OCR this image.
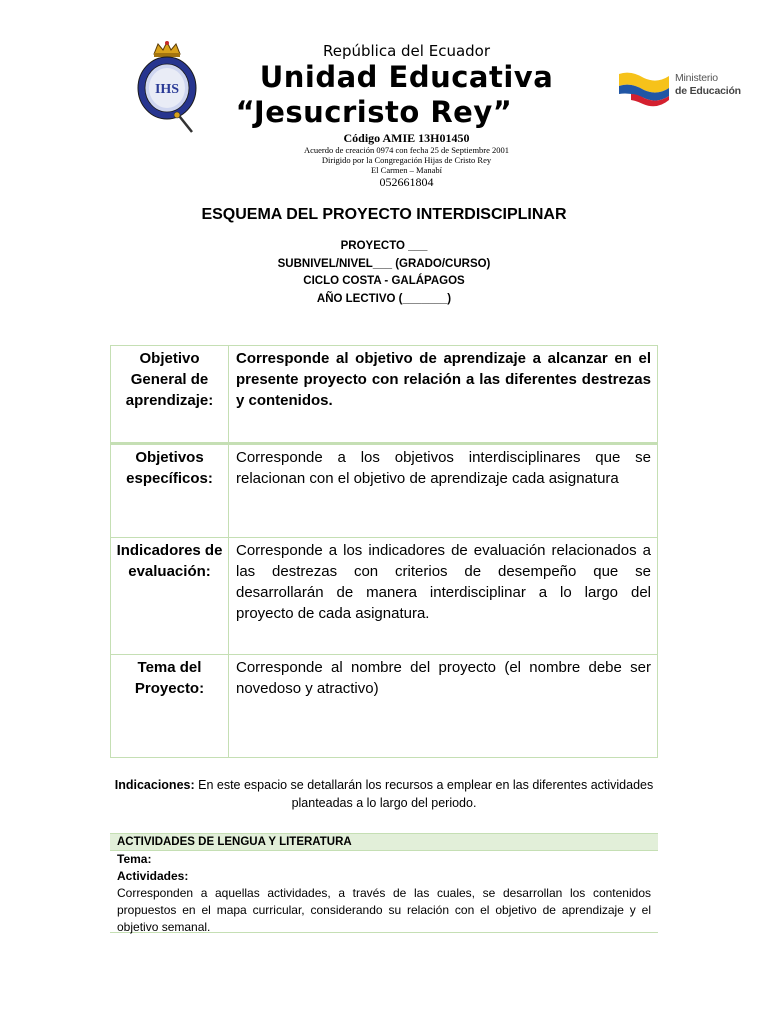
IHS
República del Ecuador
Unidad Educativa
“Jesucristo Rey”
Código AMIE 13H01450
Acuerdo de creación 0974 con fecha 25 de Septiembre 2001
Dirigido por la Congregación Hijas de Cristo Rey
El Carmen – Manabí
052661804
Ministerio
de Educación
ESQUEMA DEL PROYECTO INTERDISCIPLINAR
PROYECTO ___
SUBNIVEL/NIVEL___ (GRADO/CURSO)
CICLO COSTA - GALÁPAGOS
AÑO LECTIVO (_______)
Objetivo General de aprendizaje:
Corresponde al objetivo de aprendizaje a alcanzar en el presente proyecto con relación a las diferentes destrezas y contenidos.
Objetivos específicos:
Corresponde a los objetivos interdisciplinares que se relacionan con el objetivo de aprendizaje cada asignatura
Indicadores de evaluación:
Corresponde a los indicadores de evaluación relacionados a las destrezas con criterios de desempeño que se desarrollarán de manera interdisciplinar a lo largo del proyecto de cada asignatura.
Tema del Proyecto:
Corresponde al nombre del proyecto (el nombre debe ser novedoso y atractivo)
Indicaciones: En este espacio se detallarán los recursos a emplear en las diferentes actividades planteadas a lo largo del periodo.
ACTIVIDADES DE LENGUA Y LITERATURA
Tema:
Actividades:
Corresponden a aquellas actividades, a través de las cuales, se desarrollan los contenidos propuestos en el mapa curricular, considerando su relación con el objetivo de aprendizaje y el objetivo semanal.
